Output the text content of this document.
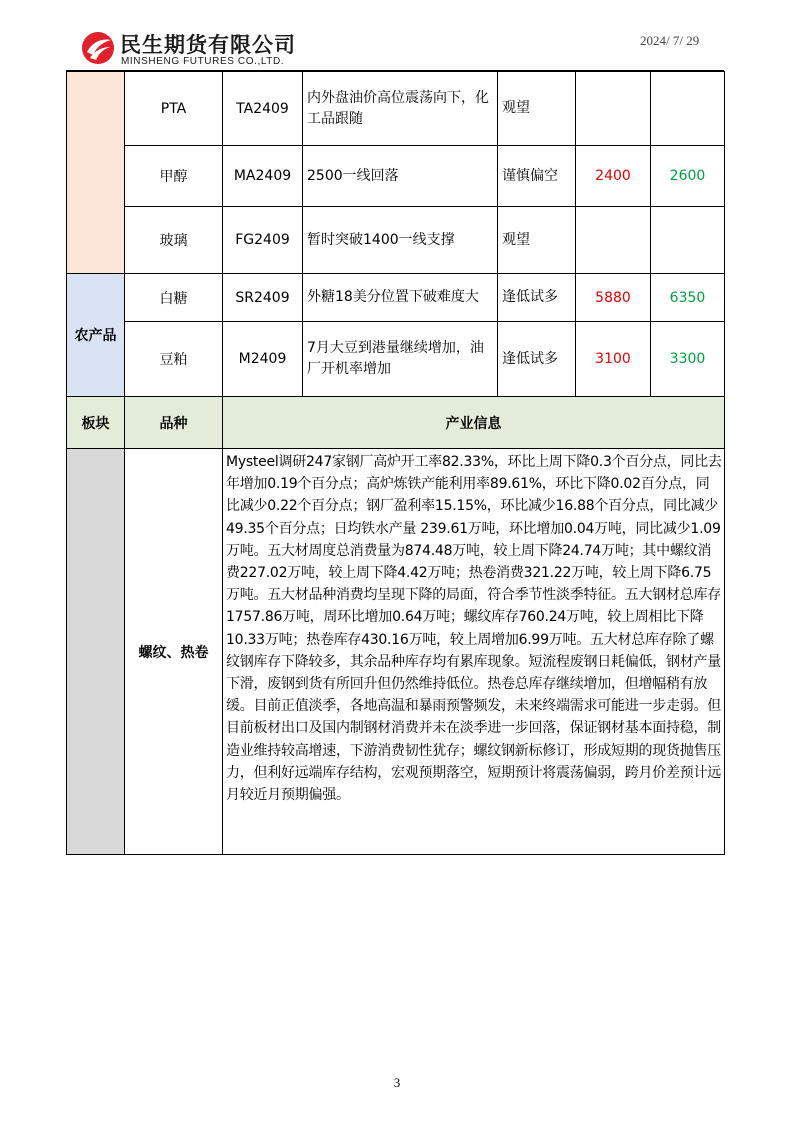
民生期货有限公司
MINSHENG FUTURES CO.,LTD.
2024/ 7/ 29
	PTA	TA2409	内外盘油价高位震荡向下，化工品跟随	观望		
	甲醇	MA2409	2500一线回落	谨慎偏空	2400	2600
	玻璃	FG2409	暂时突破1400一线支撑	观望		
农产品	白糖	SR2409	外糖18美分位置下破难度大	逢低试多	5880	6350
	豆粕	M2409	7月大豆到港量继续增加，油厂开机率增加	逢低试多	3100	3300
板块	品种	产业信息				
	螺纹、热卷	Mysteel调研247家钢厂高炉开工率82.33%，环比上周下降0.3个百分点，同比去年增加0.19个百分点；高炉炼铁产能利用率89.61%，环比下降0.02百分点，同比减少0.22个百分点；钢厂盈利率15.15%，环比减少16.88个百分点，同比减少49.35个百分点；日均铁水产量 239.61万吨，环比增加0.04万吨，同比减少1.09万吨。五大材周度总消费量为874.48万吨，较上周下降24.74万吨；其中螺纹消费227.02万吨，较上周下降4.42万吨；热卷消费321.22万吨，较上周下降6.75万吨。五大材品种消费均呈现下降的局面，符合季节性淡季特征。五大钢材总库存1757.86万吨，周环比增加0.64万吨；螺纹库存760.24万吨，较上周相比下降10.33万吨；热卷库存430.16万吨，较上周增加6.99万吨。五大材总库存除了螺纹钢库存下降较多，其余品种库存均有累库现象。短流程废钢日耗偏低，钢材产量下滑，废钢到货有所回升但仍然维持低位。热卷总库存继续增加，但增幅稍有放缓。目前正值淡季，各地高温和暴雨预警频发，未来终端需求可能进一步走弱。但目前板材出口及国内制钢材消费并未在淡季进一步回落，保证钢材基本面持稳，制造业维持较高增速，下游消费韧性犹存；螺纹钢新标修订，形成短期的现货抛售压力，但利好远端库存结构，宏观预期落空，短期预计将震荡偏弱，跨月价差预计远月较近月预期偏强。				
3
